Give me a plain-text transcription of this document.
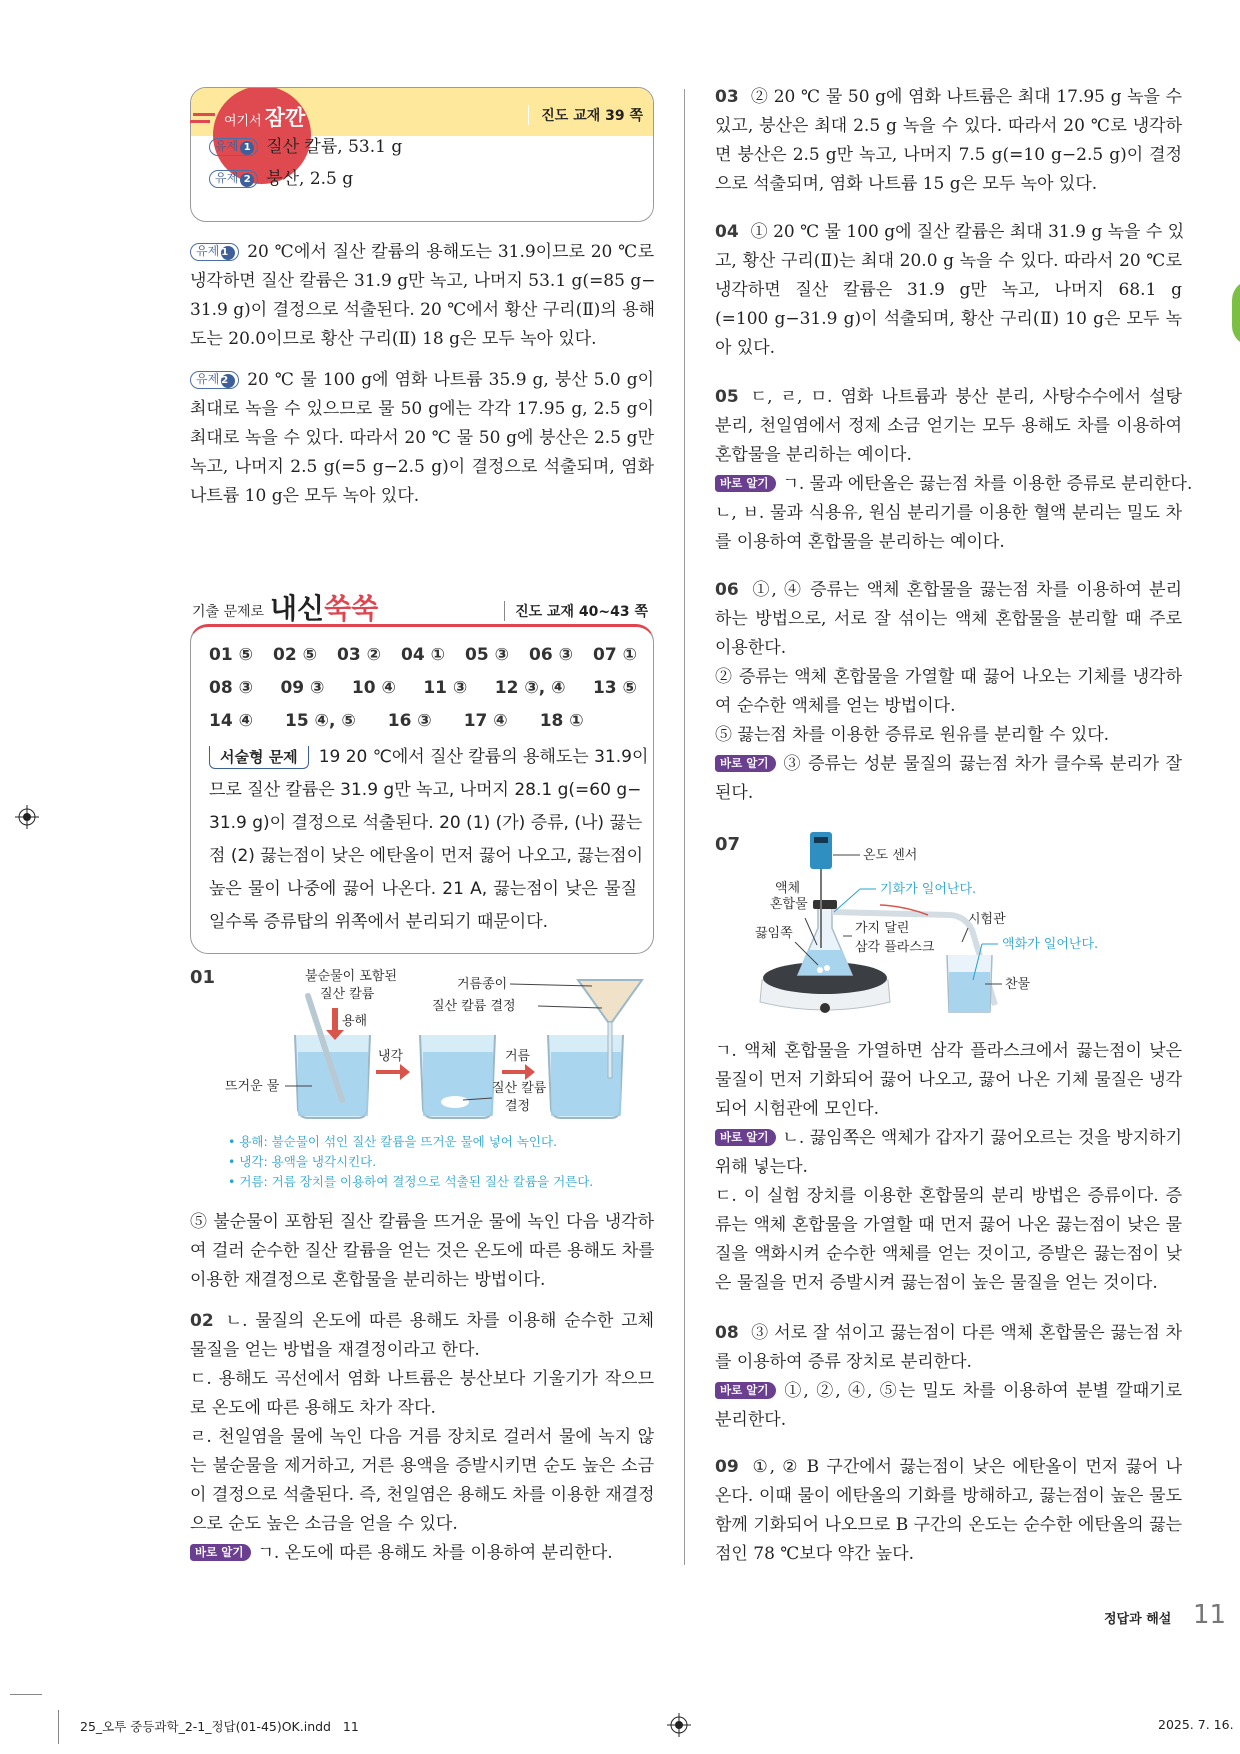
여기서 잠깐	진도 교재 39 쪽
유제 1 질산 칼륨, 53.1 g
유제 2 붕산, 2.5 g
유제 1 20 ℃에서 질산 칼륨의 용해도는 31.9이므로 20 ℃로
냉각하면 질산 칼륨은 31.9 g만 녹고, 나머지 53.1 g(=85 g−
31.9 g)이 결정으로 석출된다. 20 ℃에서 황산 구리(Ⅱ)의 용해
도는 20.0이므로 황산 구리(Ⅱ) 18 g은 모두 녹아 있다.
유제 2 20 ℃ 물 100 g에 염화 나트륨 35.9 g, 붕산 5.0 g이
최대로 녹을 수 있으므로 물 50 g에는 각각 17.95 g, 2.5 g이
최대로 녹을 수 있다. 따라서 20 ℃ 물 50 g에 붕산은 2.5 g만
녹고, 나머지 2.5 g(=5 g−2.5 g)이 결정으로 석출되며, 염화
나트륨 10 g은 모두 녹아 있다.
⑤ 불순물이 포함된 질산 칼륨을 뜨거운 물에 녹인 다음 냉각하
여 걸러 순수한 질산 칼륨을 얻는 것은 온도에 따른 용해도 차를
이용한 재결정으로 혼합물을 분리하는 방법이다.
02 ㄴ. 물질의 온도에 따른 용해도 차를 이용해 순수한 고체
물질을 얻는 방법을 재결정이라고 한다.
ㄷ. 용해도 곡선에서 염화 나트륨은 붕산보다 기울기가 작으므
로 온도에 따른 용해도 차가 작다.
ㄹ. 천일염을 물에 녹인 다음 거름 장치로 걸러서 물에 녹지 않
는 불순물을 제거하고, 거른 용액을 증발시키면 순도 높은 소금
이 결정으로 석출된다. 즉, 천일염은 용해도 차를 이용한 재결정
으로 순도 높은 소금을 얻을 수 있다.
바로 알기 ㄱ. 온도에 따른 용해도 차를 이용하여 분리한다.
기출 문제로 내신쑥쑥	진도 교재 40~43 쪽
01 ⑤ 02 ⑤ 03 ② 04 ① 05 ③ 06 ③ 07 ①
08 ③ 09 ③ 10 ④ 11 ③ 12 ③, ④ 13 ⑤
14 ④ 15 ④, ⑤ 16 ③ 17 ④ 18 ①
서술형 문제 19 20 ℃에서 질산 칼륨의 용해도는 31.9이
므로 질산 칼륨은 31.9 g만 녹고, 나머지 28.1 g(=60 g−
31.9 g)이 결정으로 석출된다. 20 (1) (가) 증류, (나) 끓는
점 (2) 끓는점이 낮은 에탄올이 먼저 끓어 나오고, 끓는점이
높은 물이 나중에 끓어 나온다. 21 A, 끓는점이 낮은 물질
일수록 증류탑의 위쪽에서 분리되기 때문이다.
01	불순물이 포함된
질산 칼륨
용해
뜨거운 물
냉각
질산 칼륨
결정
거름
거름종이
질산 칼륨 결정
• 용해: 불순물이 섞인 질산 칼륨을 뜨거운 물에 넣어 녹인다.
• 냉각: 용액을 냉각시킨다.
• 거름: 거름 장치를 이용하여 결정으로 석출된 질산 칼륨을 거른다.
07
온도 센서
기화가 일어난다.
액체
혼합물
끓임쪽	가지 달린
삼각 플라스크
시험관
액화가 일어난다.
찬물
03 ② 20 ℃ 물 50 g에 염화 나트륨은 최대 17.95 g 녹을 수
있고, 붕산은 최대 2.5 g 녹을 수 있다. 따라서 20 ℃로 냉각하
면 붕산은 2.5 g만 녹고, 나머지 7.5 g(=10 g−2.5 g)이 결정
으로 석출되며, 염화 나트륨 15 g은 모두 녹아 있다.
04 ① 20 ℃ 물 100 g에 질산 칼륨은 최대 31.9 g 녹을 수 있
고, 황산 구리(Ⅱ)는 최대 20.0 g 녹을 수 있다. 따라서 20 ℃로
냉각하면 질산 칼륨은 31.9 g만 녹고, 나머지 68.1 g
(=100 g−31.9 g)이 석출되며, 황산 구리(Ⅱ) 10 g은 모두 녹
아 있다.
05 ㄷ, ㄹ, ㅁ. 염화 나트륨과 붕산 분리, 사탕수수에서 설탕
분리, 천일염에서 정제 소금 얻기는 모두 용해도 차를 이용하여
혼합물을 분리하는 예이다.
바로 알기 ㄱ. 물과 에탄올은 끓는점 차를 이용한 증류로 분리한다.
ㄴ, ㅂ. 물과 식용유, 원심 분리기를 이용한 혈액 분리는 밀도 차
를 이용하여 혼합물을 분리하는 예이다.
06 ①, ④ 증류는 액체 혼합물을 끓는점 차를 이용하여 분리
하는 방법으로, 서로 잘 섞이는 액체 혼합물을 분리할 때 주로
이용한다.
② 증류는 액체 혼합물을 가열할 때 끓어 나오는 기체를 냉각하
여 순수한 액체를 얻는 방법이다.
⑤ 끓는점 차를 이용한 증류로 원유를 분리할 수 있다.
바로 알기 ③ 증류는 성분 물질의 끓는점 차가 클수록 분리가 잘
된다.
ㄱ. 액체 혼합물을 가열하면 삼각 플라스크에서 끓는점이 낮은
물질이 먼저 기화되어 끓어 나오고, 끓어 나온 기체 물질은 냉각
되어 시험관에 모인다.
바로 알기 ㄴ. 끓임쪽은 액체가 갑자기 끓어오르는 것을 방지하기
위해 넣는다.
ㄷ. 이 실험 장치를 이용한 혼합물의 분리 방법은 증류이다. 증
류는 액체 혼합물을 가열할 때 먼저 끓어 나온 끓는점이 낮은 물
질을 액화시켜 순수한 액체를 얻는 것이고, 증발은 끓는점이 낮
은 물질을 먼저 증발시켜 끓는점이 높은 물질을 얻는 것이다.
08 ③ 서로 잘 섞이고 끓는점이 다른 액체 혼합물은 끓는점 차
를 이용하여 증류 장치로 분리한다.
바로 알기 ①, ②, ④, ⑤는 밀도 차를 이용하여 분별 깔때기로
분리한다.
09 ①, ② B 구간에서 끓는점이 낮은 에탄올이 먼저 끓어 나
온다. 이때 물이 에탄올의 기화를 방해하고, 끓는점이 높은 물도
함께 기화되어 나오므로 B 구간의 온도는 순수한 에탄올의 끓는
점인 78 ℃보다 약간 높다.
정답과 해설 11
25_오투 중등과학_2-1_정답(01-45)OK.indd   11	2025. 7. 16.
